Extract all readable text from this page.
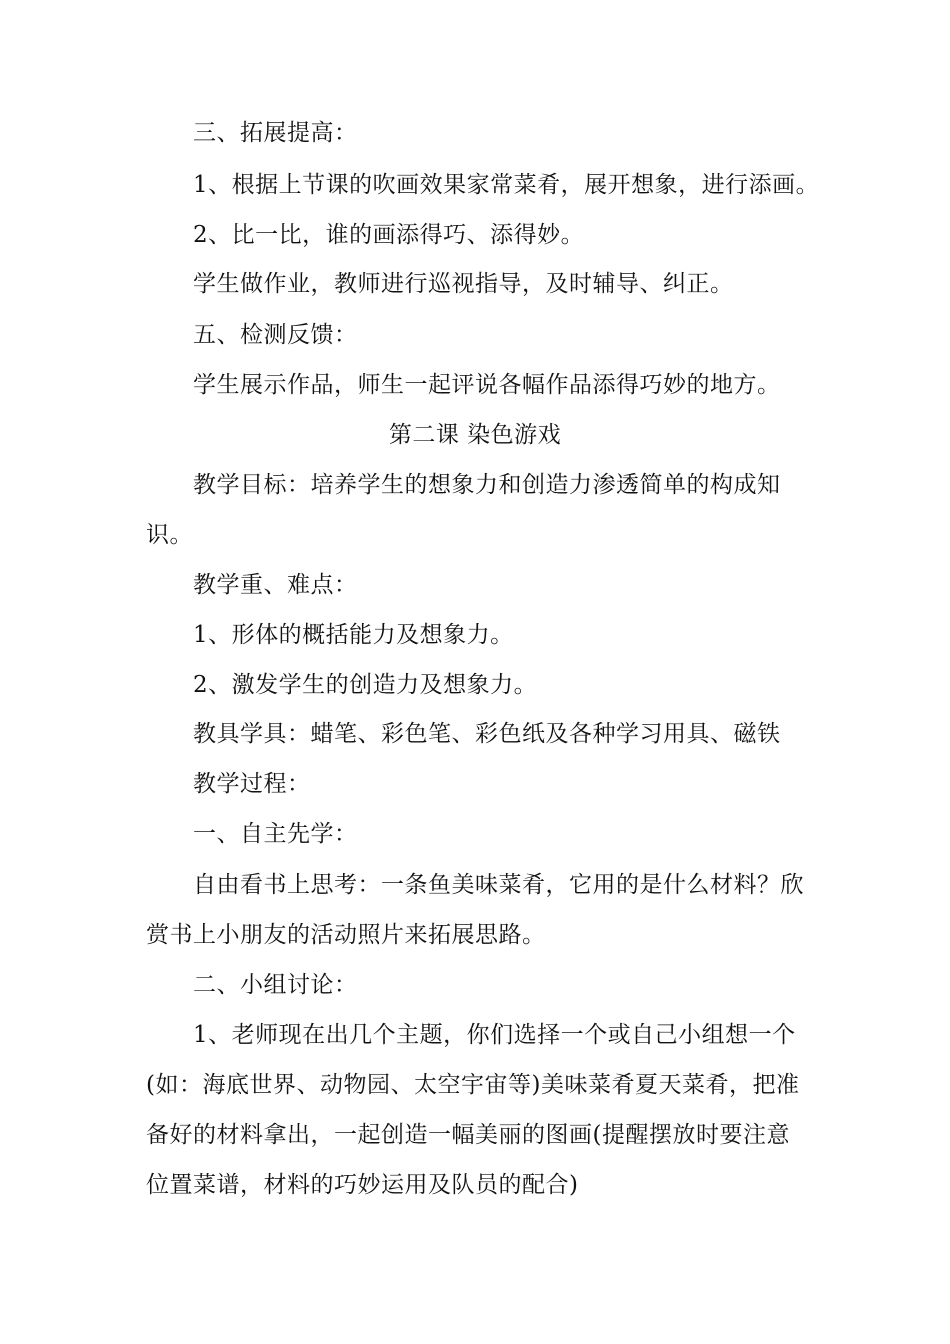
三、拓展提高：
1、根据上节课的吹画效果家常菜肴，展开想象，进行添画。
2、比一比，谁的画添得巧、添得妙。
学生做作业，教师进行巡视指导，及时辅导、纠正。
五、检测反馈：
学生展示作品，师生一起评说各幅作品添得巧妙的地方。
第二课 染色游戏
教学目标：培养学生的想象力和创造力渗透简单的构成知
识。
教学重、难点：
1、形体的概括能力及想象力。
2、激发学生的创造力及想象力。
教具学具：蜡笔、彩色笔、彩色纸及各种学习用具、磁铁
教学过程：
一、自主先学：
自由看书上思考：一条鱼美味菜肴，它用的是什么材料？欣
赏书上小朋友的活动照片来拓展思路。
二、小组讨论：
1、老师现在出几个主题，你们选择一个或自己小组想一个
(如：海底世界、动物园、太空宇宙等)美味菜肴夏天菜肴，把准
备好的材料拿出，一起创造一幅美丽的图画(提醒摆放时要注意
位置菜谱，材料的巧妙运用及队员的配合)
